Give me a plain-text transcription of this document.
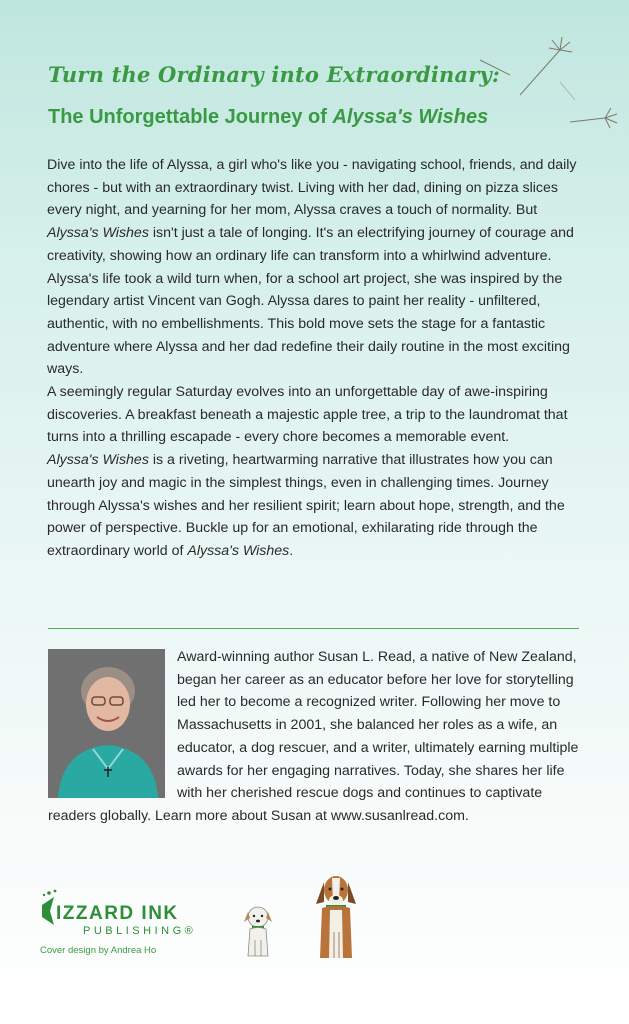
Turn the Ordinary into Extraordinary:
The Unforgettable Journey of Alyssa's Wishes

Dive into the life of Alyssa, a girl who's like you - navigating school, friends, and daily chores - but with an extraordinary twist. Living with her dad, dining on pizza slices every night, and yearning for her mom, Alyssa craves a touch of normality. But Alyssa's Wishes isn't just a tale of longing. It's an electrifying journey of courage and creativity, showing how an ordinary life can transform into a whirlwind adventure.

Alyssa's life took a wild turn when, for a school art project, she was inspired by the legendary artist Vincent van Gogh. Alyssa dares to paint her reality - unfiltered, authentic, with no embellishments. This bold move sets the stage for a fantastic adventure where Alyssa and her dad redefine their daily routine in the most exciting ways.

A seemingly regular Saturday evolves into an unforgettable day of awe-inspiring discoveries. A breakfast beneath a majestic apple tree, a trip to the laundromat that turns into a thrilling escapade - every chore becomes a memorable event.

Alyssa's Wishes is a riveting, heartwarming narrative that illustrates how you can unearth joy and magic in the simplest things, even in challenging times. Journey through Alyssa's wishes and her resilient spirit; learn about hope, strength, and the power of perspective. Buckle up for an emotional, exhilarating ride through the extraordinary world of Alyssa's Wishes.

Award-winning author Susan L. Read, a native of New Zealand, began her career as an educator before her love for storytelling led her to become a recognized writer. Following her move to Massachusetts in 2001, she balanced her roles as a wife, an educator, a dog rescuer, and a writer, ultimately earning multiple awards for her engaging narratives. Today, she shares her life with her cherished rescue dogs and continues to captivate readers globally. Learn more about Susan at www.susanlread.com.
IZZARD INK
PUBLISHING®
Cover design by Andrea Ho
